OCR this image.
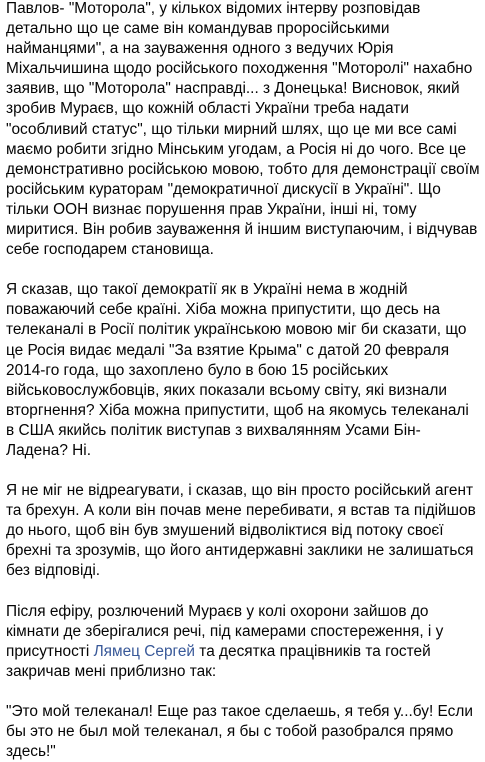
Павлов- "Моторола", у кількох відомих інтерву розповідав детально що це саме він командував проросійськими найманцями", а на зауваження одного з ведучих Юрія Міхальчишина щодо російського походження "Моторолі" нахабно заявив, що "Моторола" насправді... з Донецька! Висновок, який зробив Мураєв, що кожній області України треба надати "особливий статус", що тільки мирний шлях, що це ми все самі маємо робити згідно Мінським угодам, а Росія ні до чого. Все це демонстративно російською мовою, тобто для демонстрації своїм російським кураторам "демократичної дискусії в Україні". Що тільки ООН визнає порушення прав України, інші ні, тому миритися. Він робив зауваження й іншим виступаючим, і відчував себе господарем становища.

Я сказав, що такої демократії як в Україні нема в жодній поважаючий себе країні. Хіба можна припустити, що десь на телеканалі в Росії політик українською мовою міг би сказати, що це Росія видає медалі "За взятие Крыма" с датой 20 февраля 2014-го года, що захоплено було в бою 15 російських військовослужбовців, яких показали всьому світу, які визнали вторгнення? Хіба можна припустити, щоб на якомусь телеканалі в США якийсь політик виступав з вихвалянням Усами Бін-Ладена? Ні.

Я не міг не відреагувати, і сказав, що він просто російський агент та брехун. А коли він почав мене перебивати, я встав та підійшов до нього, щоб він був змушений відволіктися від потоку своєї брехні та зрозумів, що його антидержавні заклики не залишаться без відповіді.

Після ефіру, розлючений Мураєв у колі охорони зайшов до кімнати де зберігалися речі, під камерами спостереження, і у присутності Лямец Сергей та десятка працівників та гостей закричав мені приблизно так:

"Это мой телеканал! Еще раз такое сделаешь, я тебя у...бу! Если бы это не был мой телеканал, я бы с тобой разобрался прямо здесь!"
